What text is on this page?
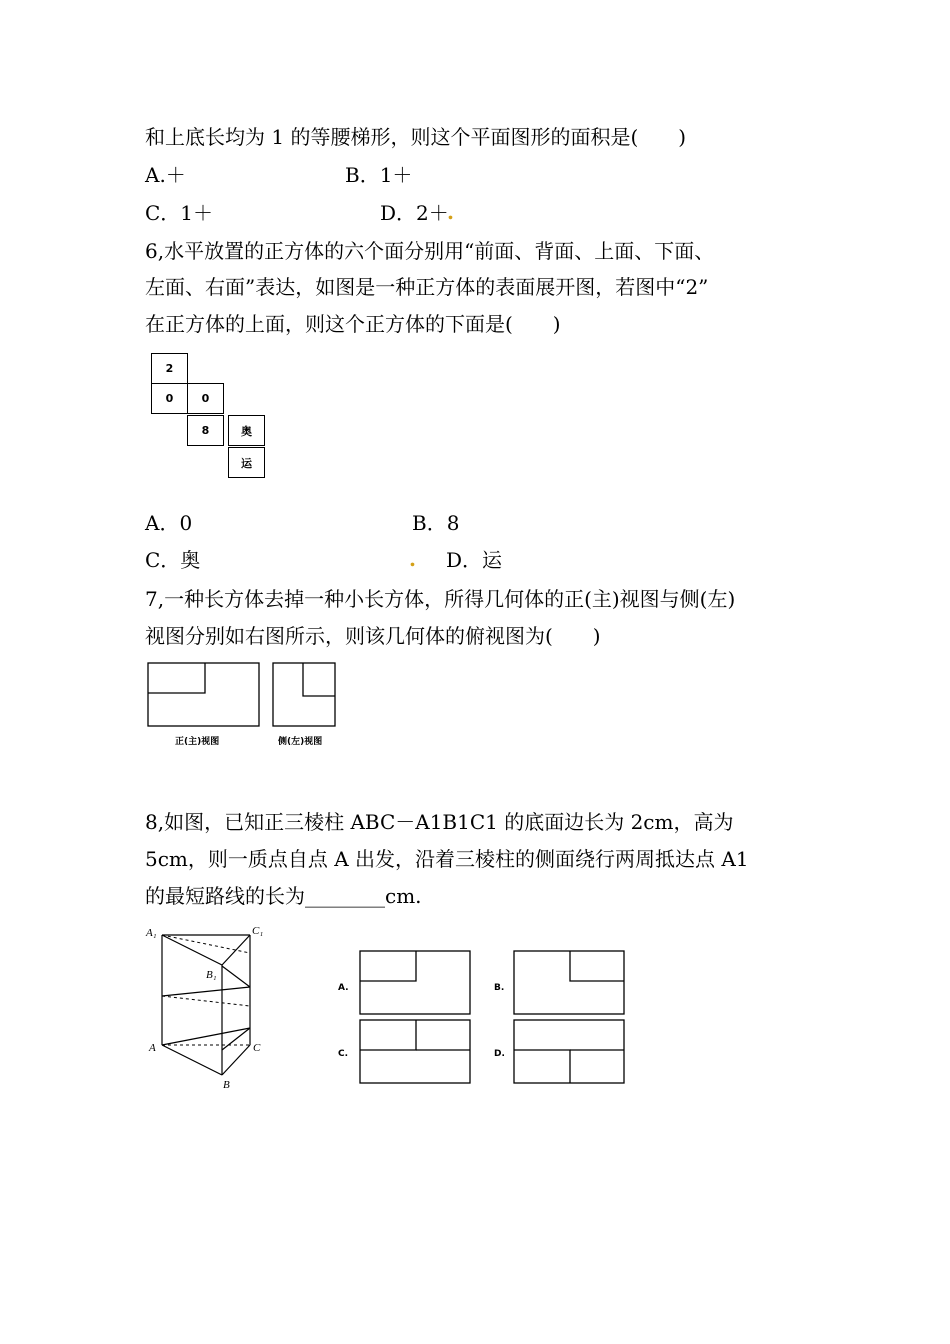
和上底长均为 1 的等腰梯形，则这个平面图形的面积是(　　)
A.＋	B．1＋
C．1＋	D．2＋
.
6,水平放置的正方体的六个面分别用“前面、背面、上面、下面、
左面、右面”表达，如图是一种正方体的表面展开图，若图中“2”
在正方体的上面，则这个正方体的下面是(　　)
2
0	0
8	奥
运
A．0	B．8
C．奥	. D．运
7,一种长方体去掉一种小长方体，所得几何体的正(主)视图与侧(左)
视图分别如右图所示，则该几何体的俯视图为(　　)
正(主)视图	侧(左)视图
8,如图，已知正三棱柱 ABC－A1B1C1 的底面边长为 2cm，高为
5cm，则一质点自点 A 出发，沿着三棱柱的侧面绕行两周抵达点 A1
的最短路线的长为________cm.
A₁	C₁
B₁
A	C
B
A.	B.
C.	D.
